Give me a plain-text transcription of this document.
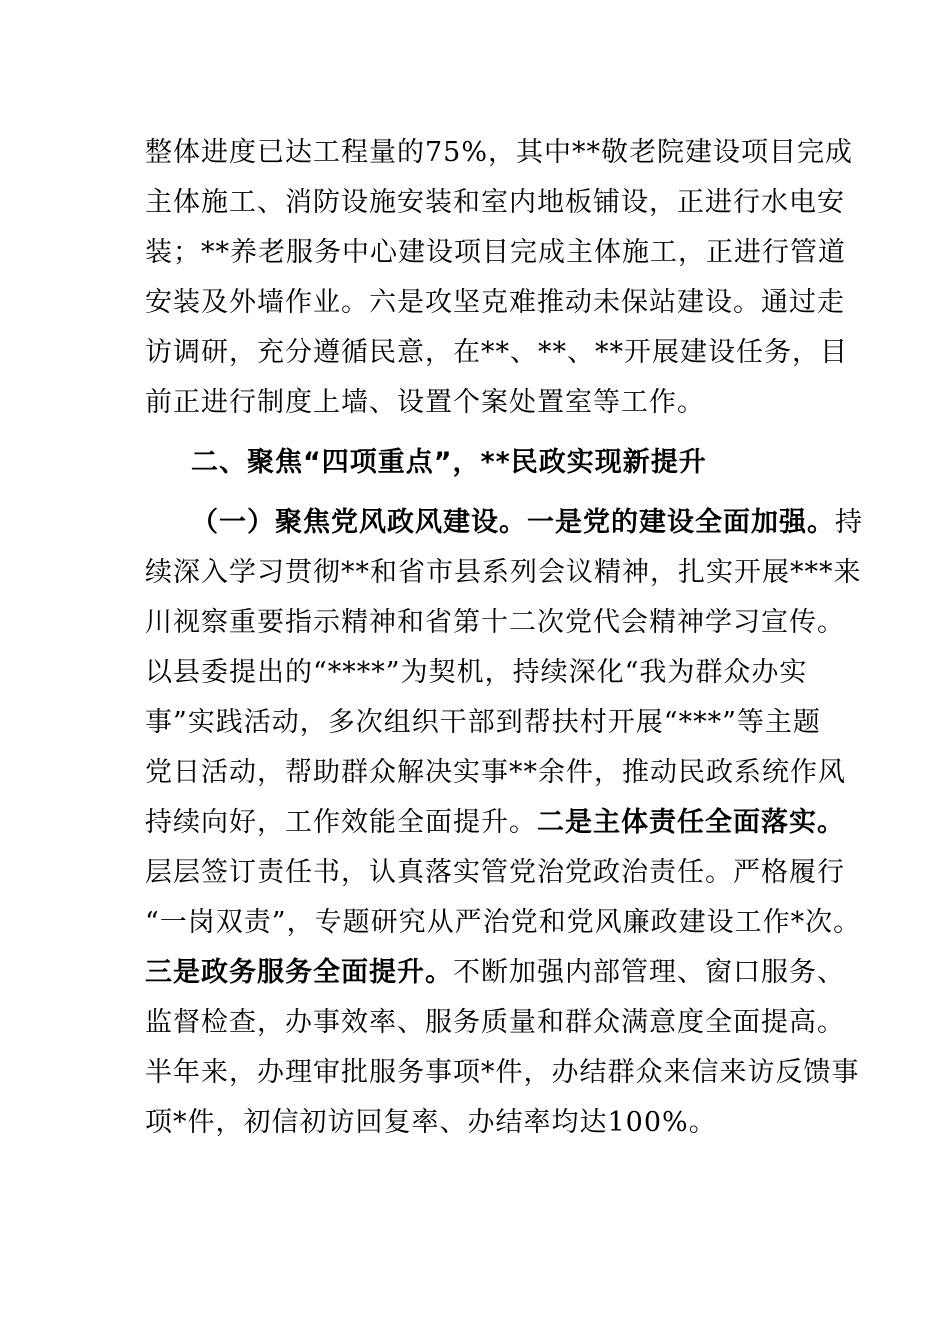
整体进度已达工程量的75%，其中**敬老院建设项目完成
主体施工、消防设施安装和室内地板铺设，正进行水电安
装；**养老服务中心建设项目完成主体施工，正进行管道
安装及外墙作业。六是攻坚克难推动未保站建设。通过走
访调研，充分遵循民意，在**、**、**开展建设任务，目
前正进行制度上墙、设置个案处置室等工作。
二、聚焦“四项重点”，**民政实现新提升
（一）聚焦党风政风建设。一是党的建设全面加强。持
续深入学习贯彻**和省市县系列会议精神，扎实开展***来
川视察重要指示精神和省第十二次党代会精神学习宣传。
以县委提出的“****”为契机，持续深化“我为群众办实
事”实践活动，多次组织干部到帮扶村开展“***”等主题
党日活动，帮助群众解决实事**余件，推动民政系统作风
持续向好，工作效能全面提升。二是主体责任全面落实。
层层签订责任书，认真落实管党治党政治责任。严格履行
“一岗双责”，专题研究从严治党和党风廉政建设工作*次。
三是政务服务全面提升。不断加强内部管理、窗口服务、
监督检查，办事效率、服务质量和群众满意度全面提高。
半年来，办理审批服务事项*件，办结群众来信来访反馈事
项*件，初信初访回复率、办结率均达100%。
